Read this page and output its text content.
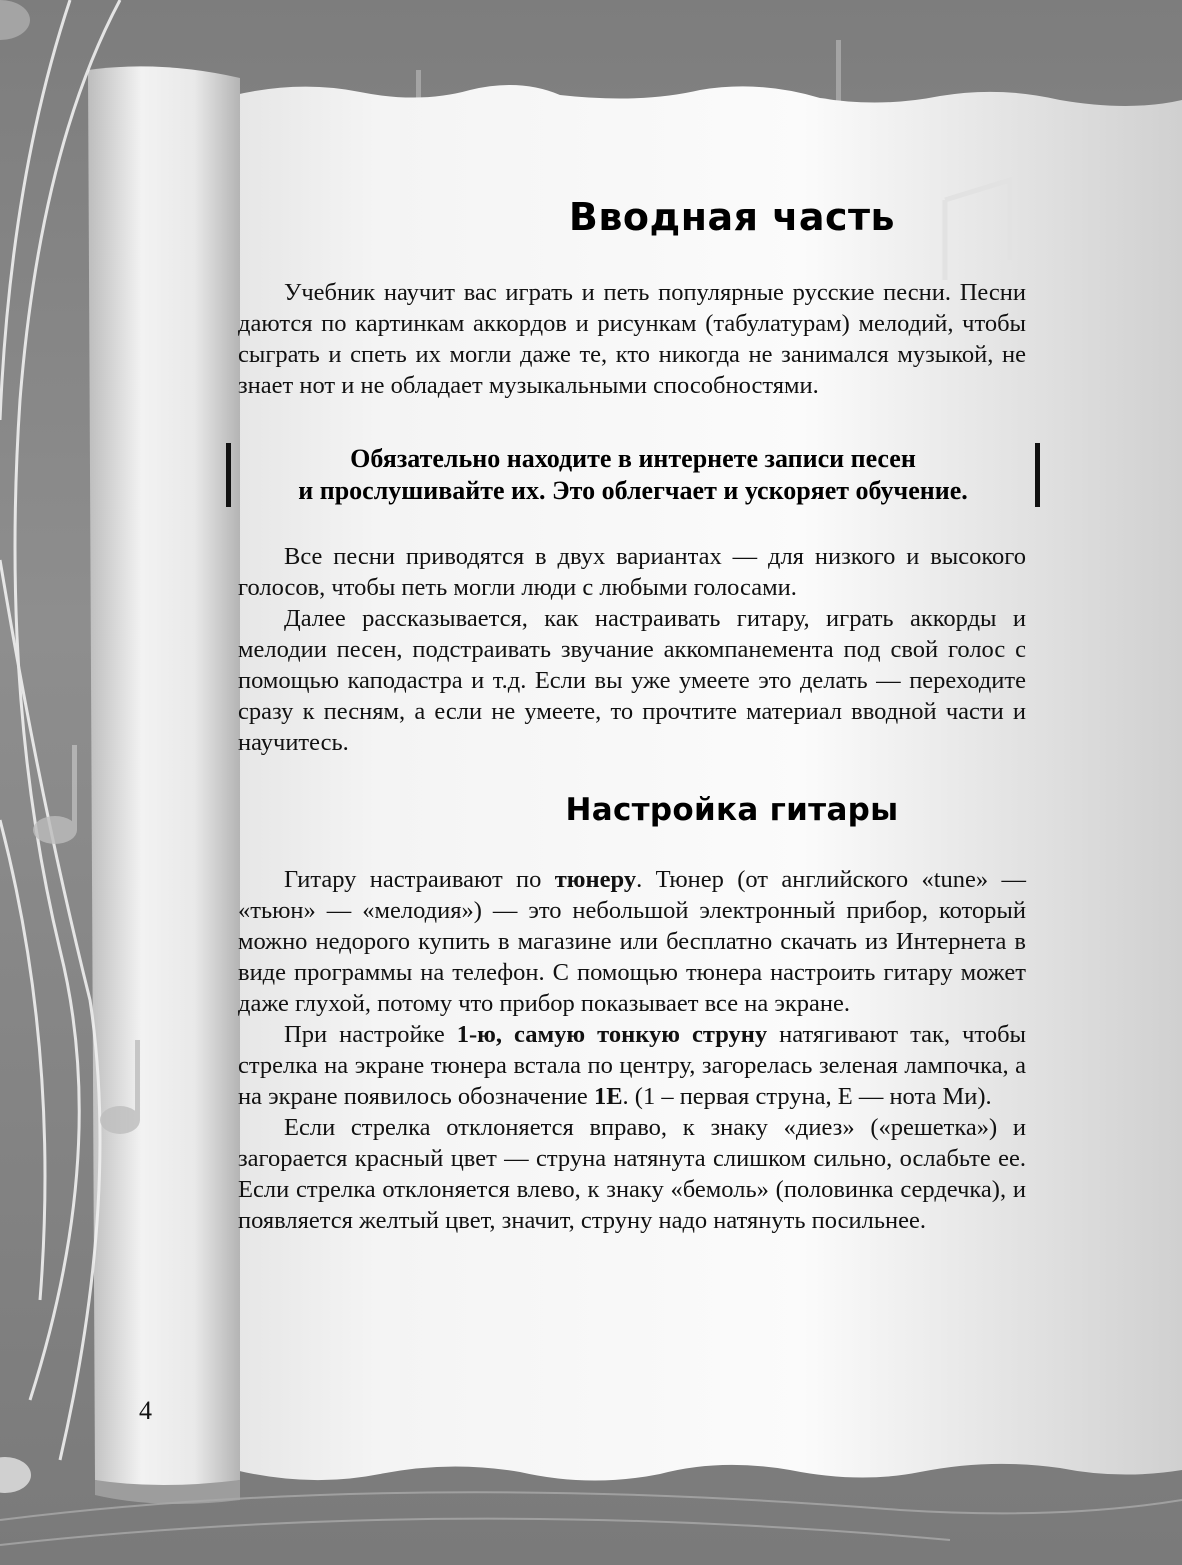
Вводная часть

Учебник научит вас играть и петь популярные русские песни. Песни даются по картинкам аккордов и рисункам (табулатурам) мелодий, чтобы сыграть и спеть их могли даже те, кто никогда не занимался музыкой, не знает нот и не обладает музыкальными способностями.

Обязательно находите в интернете записи песен
и прослушивайте их. Это облегчает и ускоряет обучение.

Все песни приводятся в двух вариантах — для низкого и высокого голосов, чтобы петь могли люди с любыми голосами.

Далее рассказывается, как настраивать гитару, играть аккорды и мелодии песен, подстраивать звучание аккомпанемента под свой голос с помощью каподастра и т.д. Если вы уже умеете это делать — переходите сразу к песням, а если не умеете, то прочтите материал вводной части и научитесь.

Настройка гитары

Гитару настраивают по тюнеру. Тюнер (от английского «tune» — «тьюн» — «мелодия») — это небольшой электронный прибор, который можно недорого купить в магазине или бесплатно скачать из Интернета в виде программы на телефон. С помощью тюнера настроить гитару может даже глухой, потому что прибор показывает все на экране.

При настройке 1-ю, самую тонкую струну натягивают так, чтобы стрелка на экране тюнера встала по центру, загорелась зеленая лампочка, а на экране появилось обозначение 1E. (1 – первая струна, E — нота Ми).

Если стрелка отклоняется вправо, к знаку «диез» («решетка») и загорается красный цвет — струна натянута слишком сильно, ослабьте ее. Если стрелка отклоняется влево, к знаку «бемоль» (половинка сердечка), и появляется желтый цвет, значит, струну надо натянуть посильнее.

4
